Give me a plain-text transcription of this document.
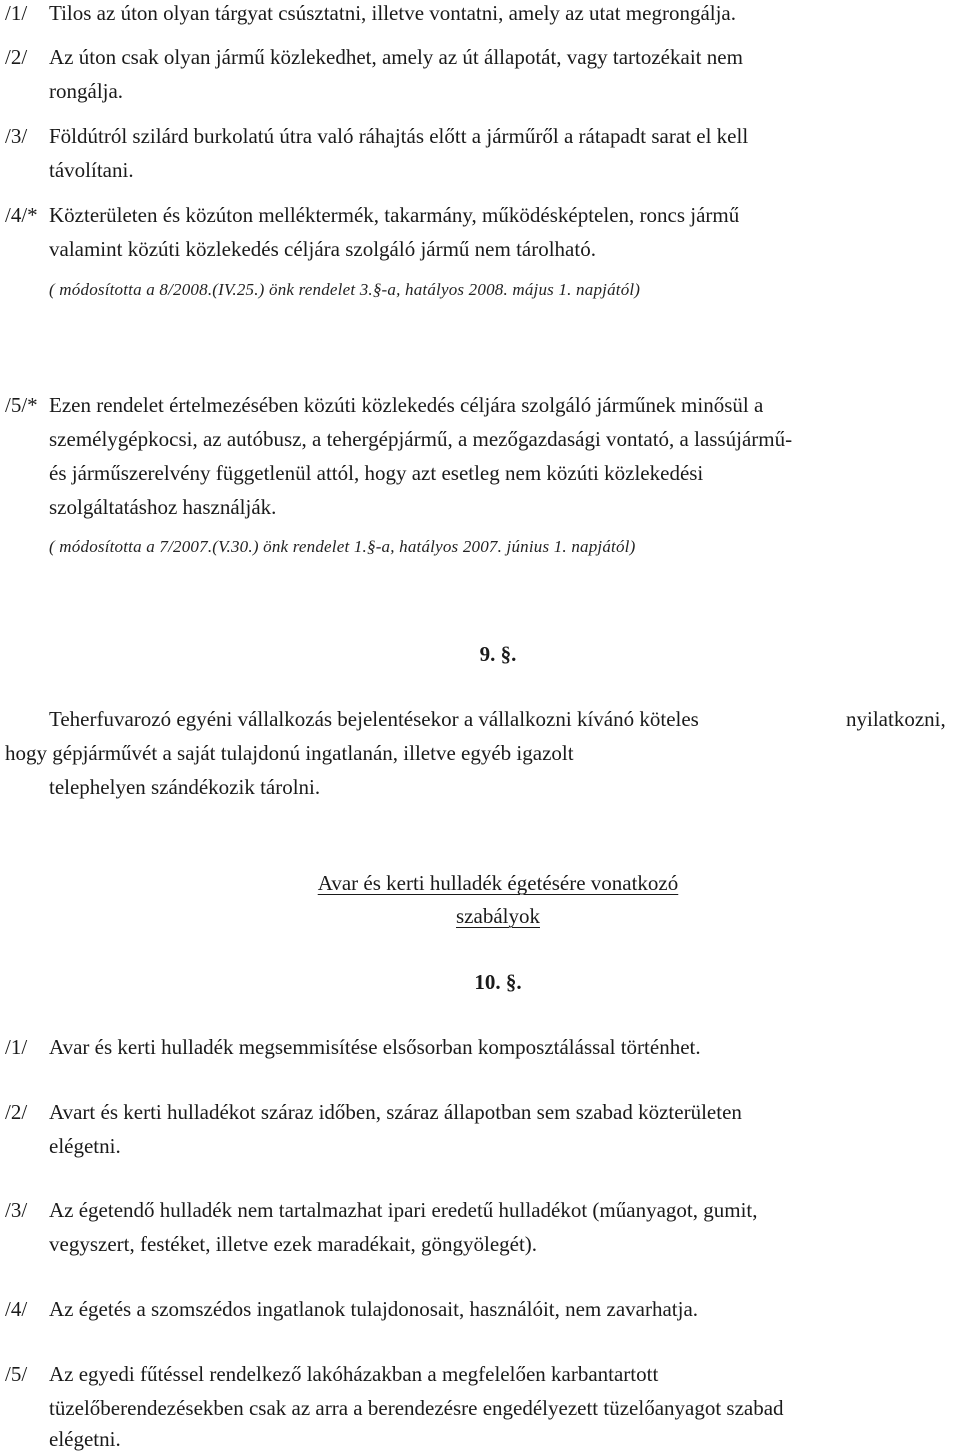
/1/ Tilos az úton olyan tárgyat csúsztatni, illetve vontatni, amely az utat megrongálja.
/2/ Az úton csak olyan jármű közlekedhet, amely az út állapotát, vagy tartozékait nem
rongálja.
/3/ Földútról szilárd burkolatú útra való ráhajtás előtt a járműről a rátapadt sarat el kell
távolítani.
/4/* Közterületen és közúton melléktermék, takarmány, működésképtelen, roncs jármű
valamint közúti közlekedés céljára szolgáló jármű nem tárolható.
( módosította a 8/2008.(IV.25.) önk rendelet 3.§-a, hatályos 2008. május 1. napjától)
/5/* Ezen rendelet értelmezésében közúti közlekedés céljára szolgáló járműnek minősül a
személygépkocsi, az autóbusz, a tehergépjármű, a mezőgazdasági vontató, a lassújármű-
és járműszerelvény függetlenül attól, hogy azt esetleg nem közúti közlekedési
szolgáltatáshoz használják.
( módosította a 7/2007.(V.30.) önk rendelet 1.§-a, hatályos 2007. június 1. napjától)
9. §.
Teherfuvarozó egyéni vállalkozás bejelentésekor a vállalkozni kívánó köteles	nyilatkozni,
hogy gépjárművét a saját tulajdonú ingatlanán, illetve egyéb igazolt
telephelyen szándékozik tárolni.
Avar és kerti hulladék égetésére vonatkozó
szabályok
10. §.
/1/ Avar és kerti hulladék megsemmisítése elsősorban komposztálással történhet.
/2/ Avart és kerti hulladékot száraz időben, száraz állapotban sem szabad közterületen
elégetni.
/3/ Az égetendő hulladék nem tartalmazhat ipari eredetű hulladékot (műanyagot, gumit,
vegyszert, festéket, illetve ezek maradékait, göngyölegét).
/4/ Az égetés a szomszédos ingatlanok tulajdonosait, használóit, nem zavarhatja.
/5/ Az egyedi fűtéssel rendelkező lakóházakban a megfelelően karbantartott
tüzelőberendezésekben csak az arra a berendezésre engedélyezett tüzelőanyagot szabad
elégetni.
